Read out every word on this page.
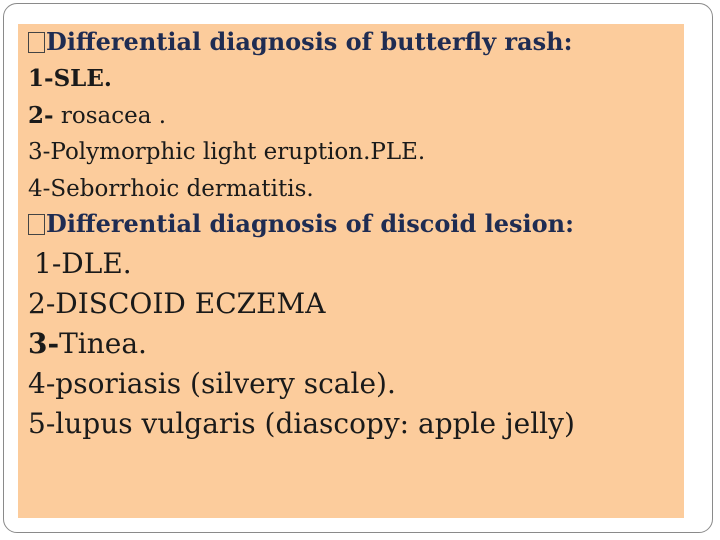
Differential diagnosis of butterfly rash:
1-SLE.
2- rosacea .
3-Polymorphic light eruption.PLE.
4-Seborrhoic dermatitis.
Differential diagnosis of discoid lesion:
1-DLE.
2-DISCOID ECZEMA
3-Tinea.
4-psoriasis (silvery scale).
5-lupus vulgaris (diascopy: apple jelly)
